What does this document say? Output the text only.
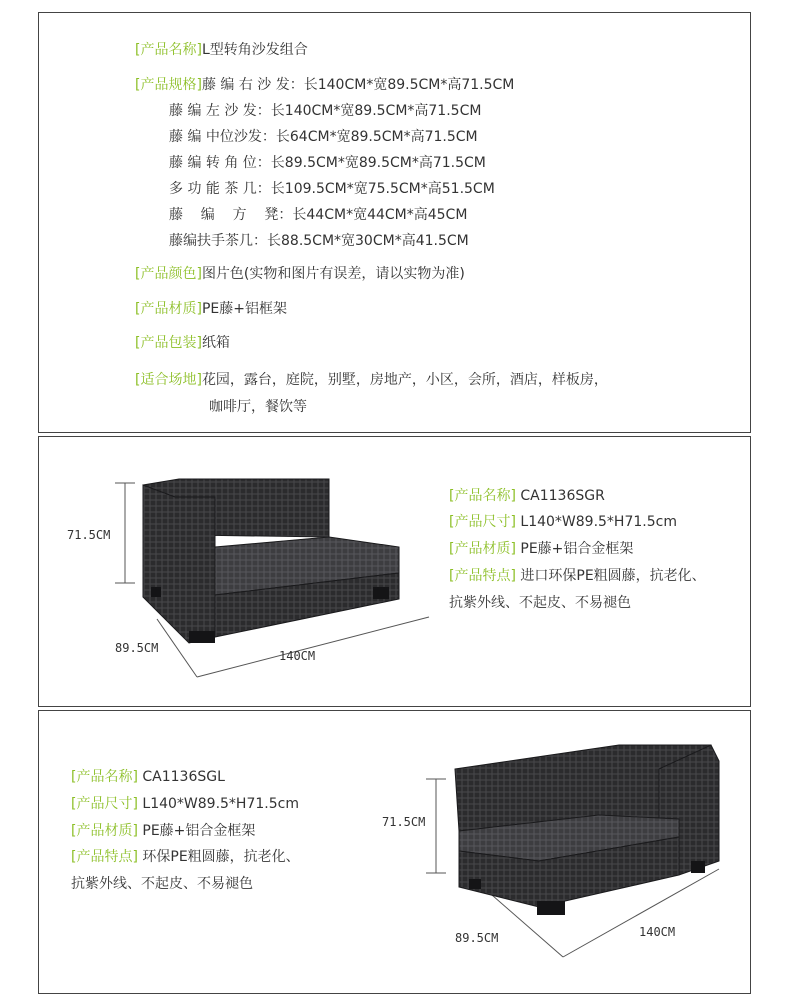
[产品名称]L型转角沙发组合
[产品规格]藤 编 右 沙 发：长140CM*宽89.5CM*高71.5CM
藤 编 左 沙 发：长140CM*宽89.5CM*高71.5CM
藤 编 中位沙发：长64CM*宽89.5CM*高71.5CM
藤 编 转 角 位：长89.5CM*宽89.5CM*高71.5CM
多 功 能 茶 几：长109.5CM*宽75.5CM*高51.5CM
藤    编    方    凳：长44CM*宽44CM*高45CM
藤编扶手茶几：长88.5CM*宽30CM*高41.5CM
[产品颜色]图片色(实物和图片有误差，请以实物为准)
[产品材质]PE藤+铝框架
[产品包装]纸箱
[适合场地]花园，露台，庭院，别墅，房地产，小区，会所，酒店，样板房，
咖啡厅，餐饮等
71.5CM
89.5CM
140CM
[产品名称] CA1136SGR
[产品尺寸] L140*W89.5*H71.5cm
[产品材质] PE藤+铝合金框架
[产品特点] 进口环保PE粗圆藤，抗老化、
抗紫外线、不起皮、不易褪色
[产品名称] CA1136SGL
[产品尺寸] L140*W89.5*H71.5cm
[产品材质] PE藤+铝合金框架
[产品特点] 环保PE粗圆藤，抗老化、
抗紫外线、不起皮、不易褪色
71.5CM
89.5CM	140CM
